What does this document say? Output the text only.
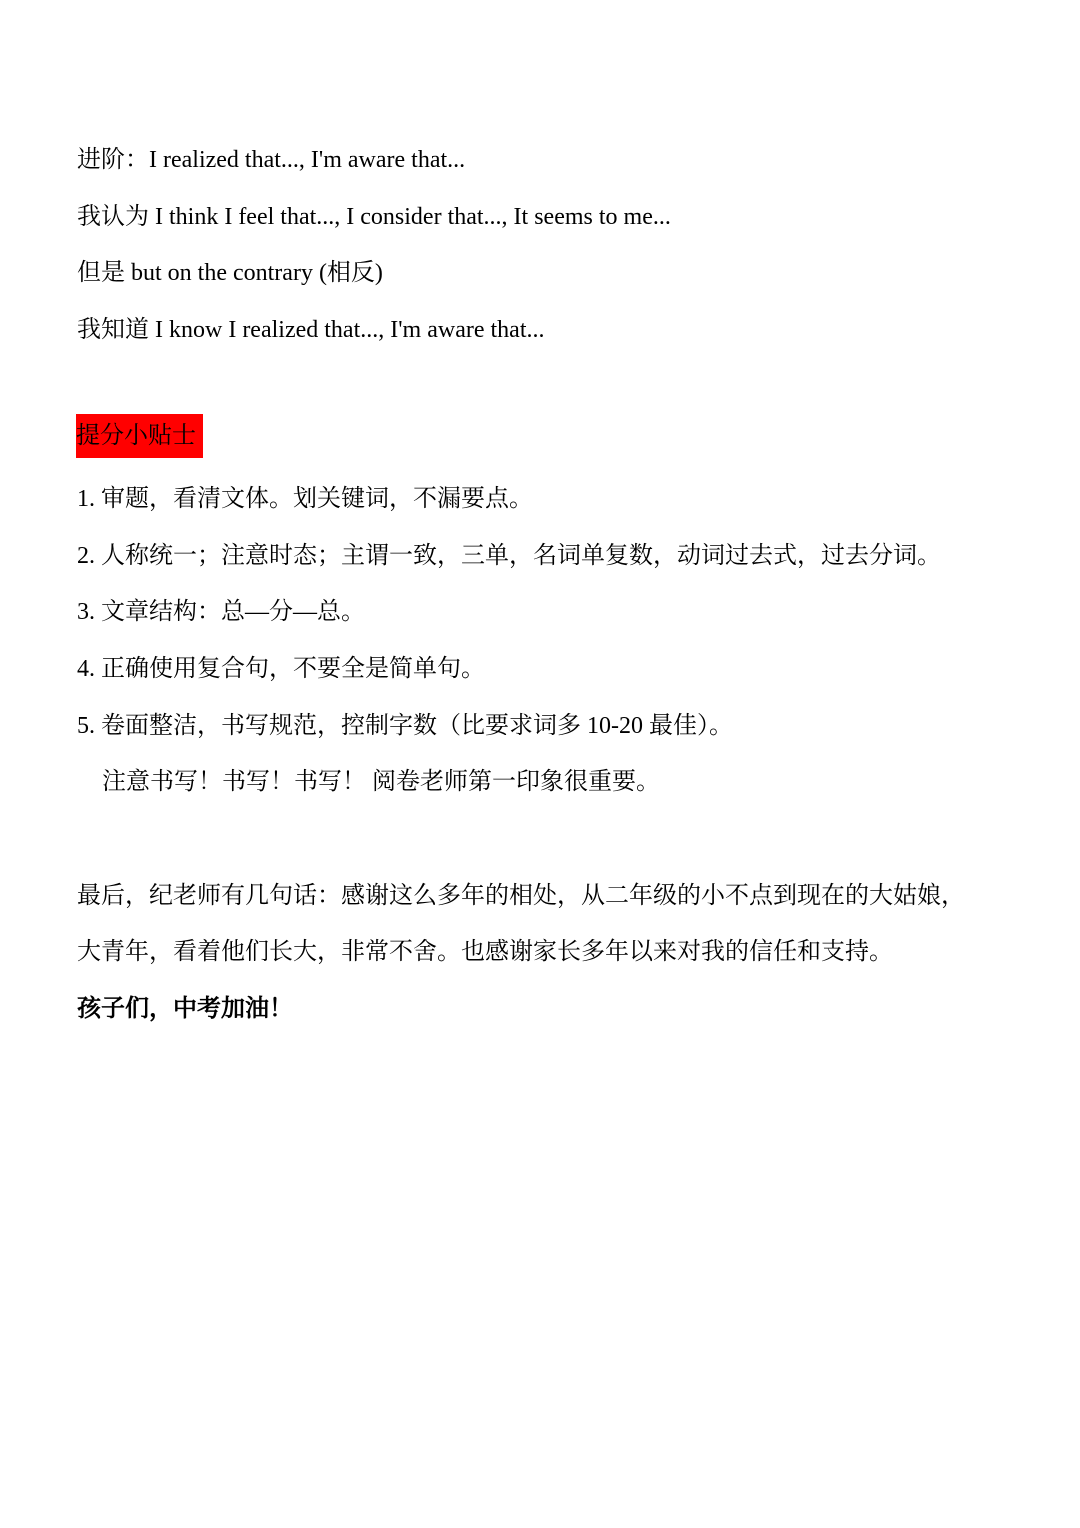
进阶：I realized that..., I'm aware that...
我认为 I think I feel that..., I consider that..., It seems to me...
但是 but on the contrary (相反)
我知道 I know I realized that..., I'm aware that...
提分小贴士
1. 审题，看清文体。划关键词，不漏要点。
2. 人称统一；注意时态；主谓一致，三单，名词单复数，动词过去式，过去分词。
3. 文章结构：总—分—总。
4. 正确使用复合句，不要全是简单句。
5. 卷面整洁，书写规范，控制字数（比要求词多 10-20 最佳）。
注意书写！书写！书写！ 阅卷老师第一印象很重要。
最后，纪老师有几句话：感谢这么多年的相处，从二年级的小不点到现在的大姑娘，
大青年，看着他们长大，非常不舍。也感谢家长多年以来对我的信任和支持。
孩子们，中考加油！
